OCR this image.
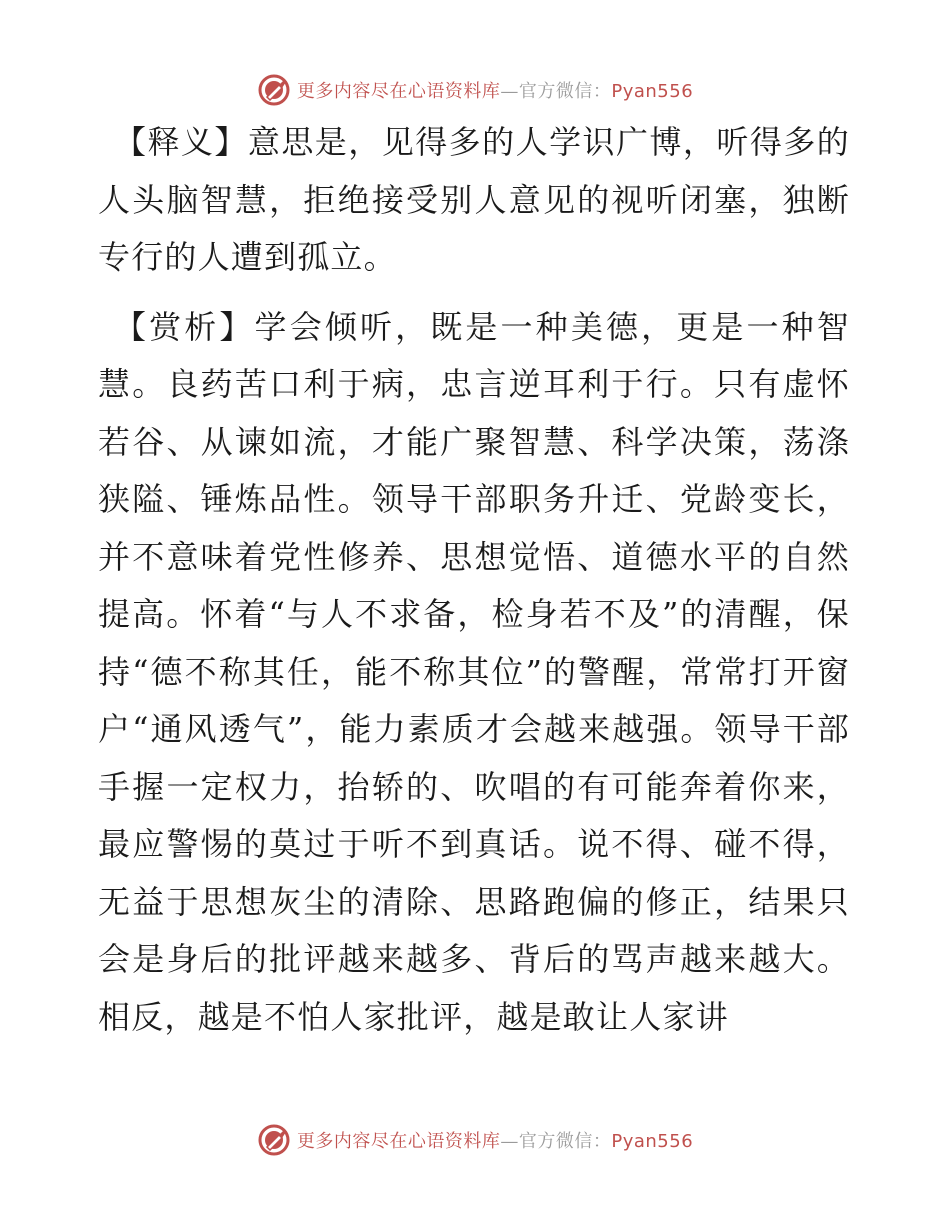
更多内容尽在心语资料库—官方微信：Pyan556

【释义】意思是，见得多的人学识广博，听得多的人头脑智慧，拒绝接受别人意见的视听闭塞，独断专行的人遭到孤立。

【赏析】学会倾听，既是一种美德，更是一种智慧。良药苦口利于病，忠言逆耳利于行。只有虚怀若谷、从谏如流，才能广聚智慧、科学决策，荡涤狭隘、锤炼品性。领导干部职务升迁、党龄变长，并不意味着党性修养、思想觉悟、道德水平的自然提高。怀着“与人不求备，检身若不及”的清醒，保持“德不称其任，能不称其位”的警醒，常常打开窗户“通风透气”，能力素质才会越来越强。领导干部手握一定权力，抬轿的、吹唱的有可能奔着你来，最应警惕的莫过于听不到真话。说不得、碰不得，无益于思想灰尘的清除、思路跑偏的修正，结果只会是身后的批评越来越多、背后的骂声越来越大。相反，越是不怕人家批评，越是敢让人家讲

更多内容尽在心语资料库—官方微信：Pyan556
